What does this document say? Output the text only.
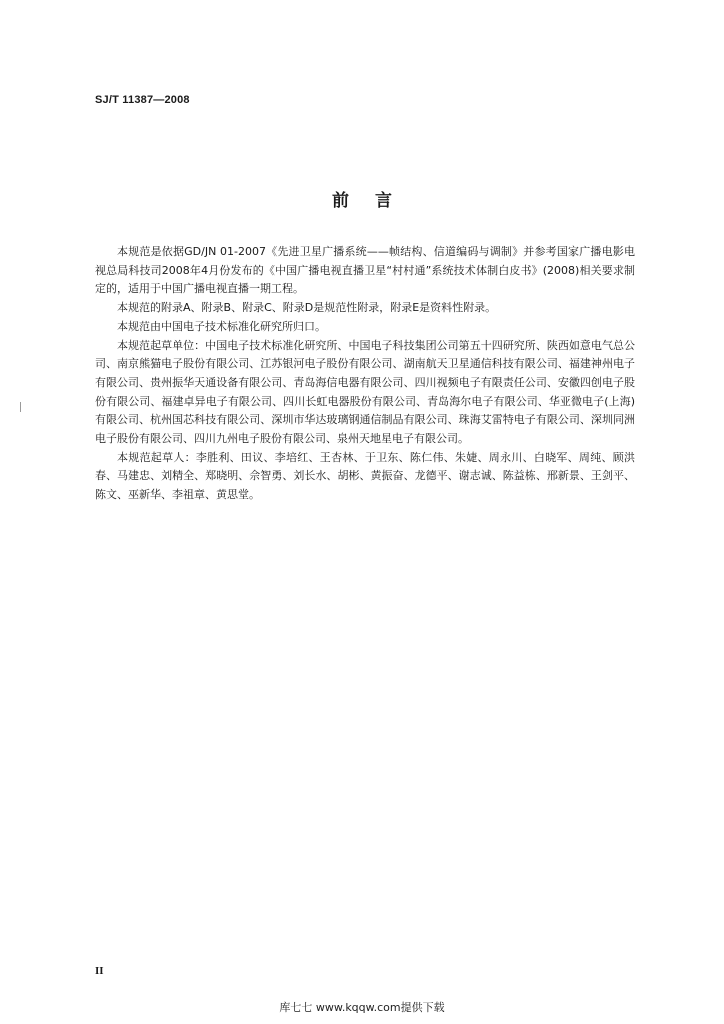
SJ/T 11387—2008
前言

本规范是依据GD/JN 01-2007《先进卫星广播系统——帧结构、信道编码与调制》并参考国家广播电影电视总局科技司2008年4月份发布的《中国广播电视直播卫星“村村通”系统技术体制白皮书》(2008)相关要求制定的，适用于中国广播电视直播一期工程。

本规范的附录A、附录B、附录C、附录D是规范性附录，附录E是资料性附录。

本规范由中国电子技术标准化研究所归口。

本规范起草单位：中国电子技术标准化研究所、中国电子科技集团公司第五十四研究所、陕西如意电气总公司、南京熊猫电子股份有限公司、江苏银河电子股份有限公司、湖南航天卫星通信科技有限公司、福建神州电子有限公司、贵州振华天通设备有限公司、青岛海信电器有限公司、四川视频电子有限责任公司、安徽四创电子股份有限公司、福建卓异电子有限公司、四川长虹电器股份有限公司、青岛海尔电子有限公司、华亚微电子(上海)有限公司、杭州国芯科技有限公司、深圳市华达玻璃钢通信制品有限公司、珠海艾雷特电子有限公司、深圳同洲电子股份有限公司、四川九州电子股份有限公司、泉州天地星电子有限公司。

本规范起草人：李胜利、田议、李培红、王杏林、于卫东、陈仁伟、朱婕、周永川、白晓军、周纯、顾洪春、马建忠、刘精全、郑晓明、佘智勇、刘长水、胡彬、黄振奋、龙德平、谢志诚、陈益栋、邢新景、王剑平、陈文、巫新华、李祖章、黄思堂。

II
库七七 www.kqqw.com提供下载
